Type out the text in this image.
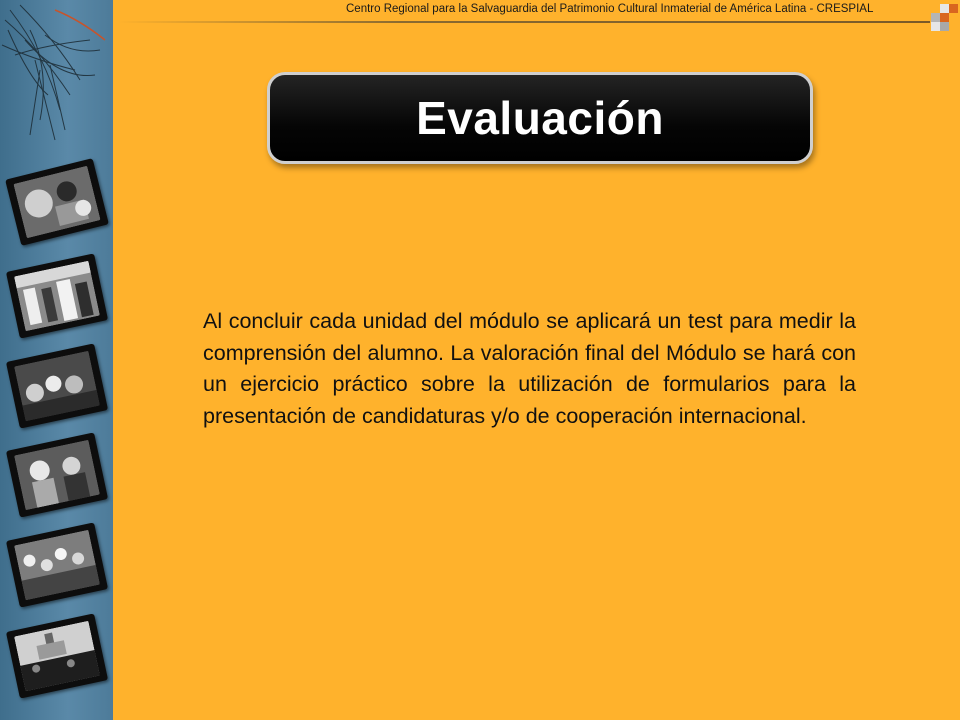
Centro Regional para la Salvaguardia del Patrimonio Cultural Inmaterial de América Latina - CRESPIAL
Evaluación
Al concluir cada unidad del módulo se aplicará un test para medir la comprensión del alumno. La valoración final del Módulo se hará con un ejercicio práctico sobre la utilización de formularios para la presentación de candidaturas y/o de cooperación internacional.
